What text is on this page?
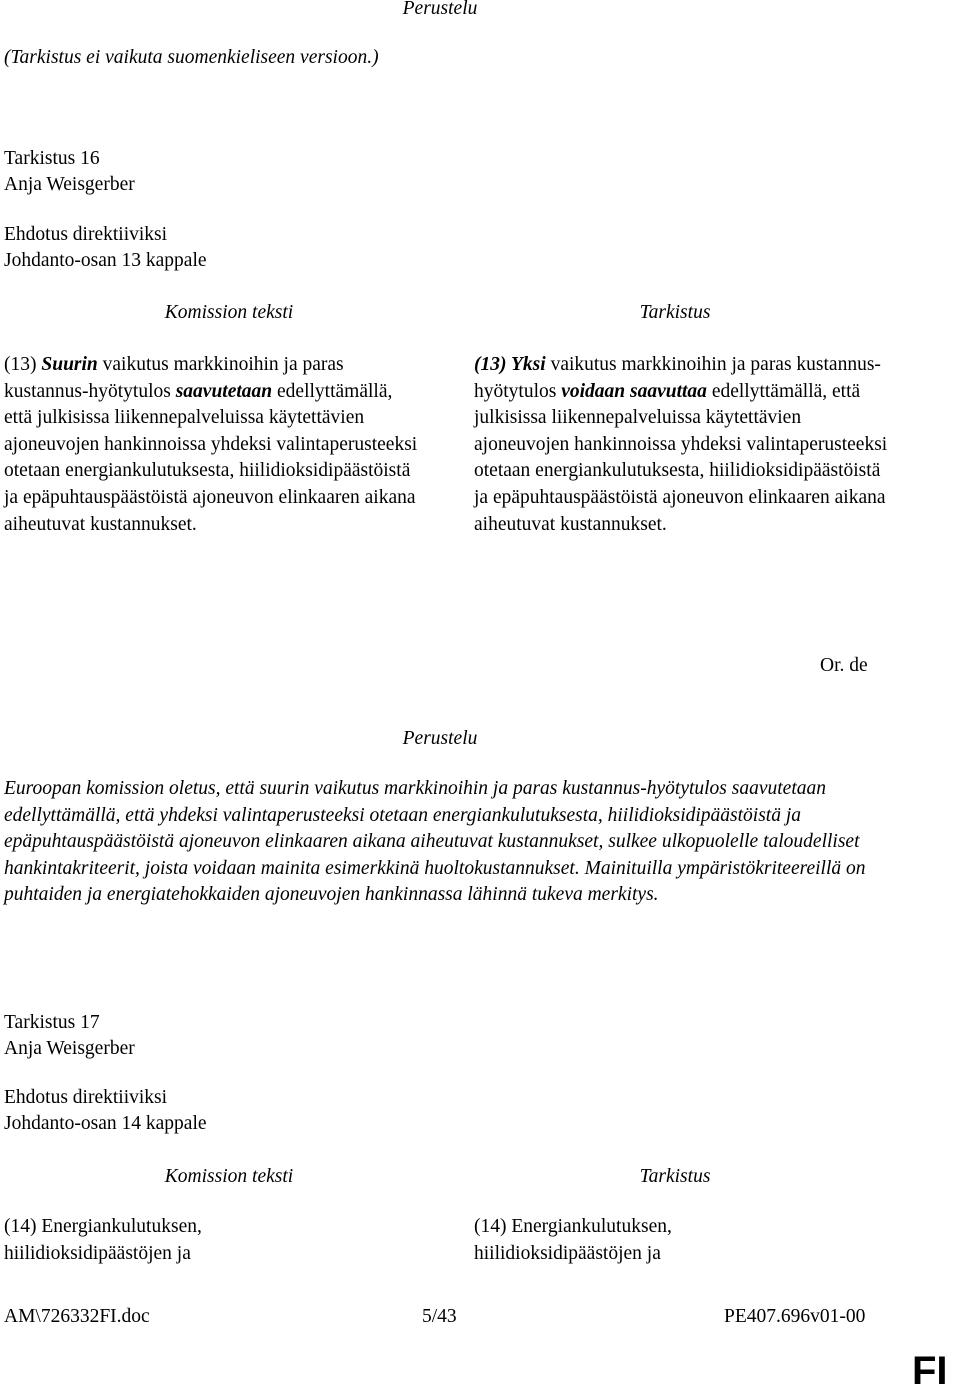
Perustelu
(Tarkistus ei vaikuta suomenkieliseen versioon.)
Tarkistus 16
Anja Weisgerber
Ehdotus direktiiviksi
Johdanto-osan 13 kappale
Komission teksti	Tarkistus

(13) Suurin vaikutus markkinoihin ja paras kustannus-hyötytulos saavutetaan edellyttämällä, että julkisissa liikennepalveluissa käytettävien ajoneuvojen hankinnoissa yhdeksi valintaperusteeksi otetaan energiankulutuksesta, hiilidioksidipäästöistä ja epäpuhtauspäästöistä ajoneuvon elinkaaren aikana aiheutuvat kustannukset.

(13) Yksi vaikutus markkinoihin ja paras kustannus-hyötytulos voidaan saavuttaa edellyttämällä, että julkisissa liikennepalveluissa käytettävien ajoneuvojen hankinnoissa yhdeksi valintaperusteeksi otetaan energiankulutuksesta, hiilidioksidipäästöistä ja epäpuhtauspäästöistä ajoneuvon elinkaaren aikana aiheutuvat kustannukset.

Or. de
Perustelu

Euroopan komission oletus, että suurin vaikutus markkinoihin ja paras kustannus-hyötytulos saavutetaan edellyttämällä, että yhdeksi valintaperusteeksi otetaan energiankulutuksesta, hiilidioksidipäästöistä ja epäpuhtauspäästöistä ajoneuvon elinkaaren aikana aiheutuvat kustannukset, sulkee ulkopuolelle taloudelliset hankintakriteerit, joista voidaan mainita esimerkkinä huoltokustannukset. Mainituilla ympäristökriteereillä on puhtaiden ja energiatehokkaiden ajoneuvojen hankinnassa lähinnä tukeva merkitys.

Tarkistus 17
Anja Weisgerber
Ehdotus direktiiviksi
Johdanto-osan 14 kappale
Komission teksti	Tarkistus
(14) Energiankulutuksen, hiilidioksidipäästöjen ja
(14) Energiankulutuksen, hiilidioksidipäästöjen ja
AM\726332FI.doc	5/43	PE407.696v01-00
FI
